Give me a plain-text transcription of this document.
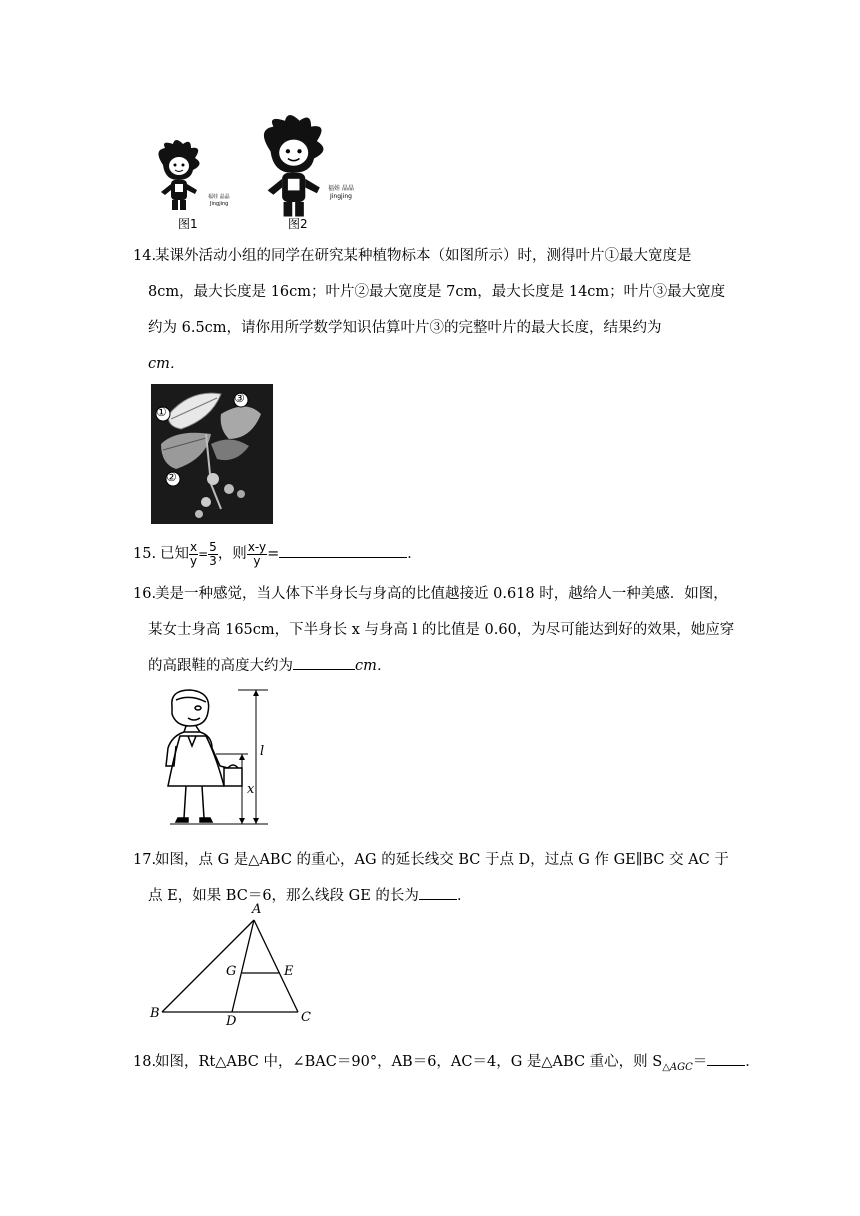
福娃 晶晶
Jingjing
福娃 晶晶
Jingjing
图1	图2
14.
某课外活动小组的同学在研究某种植物标本（如图所示）时，测得叶片①最大宽度是
8cm，最大长度是 16cm；叶片②最大宽度是 7cm，最大长度是 14cm；叶片③最大宽度
约为 6.5cm，请你用所学数学知识估算叶片③的完整叶片的最大长度，结果约为
cm．
①
②
③
15. 已知 $\frac{x}{y} = \frac{5}{3}$ ，则 $\frac{x-y}{y}$ =	．
16.
美是一种感觉，当人体下半身长与身高的比值越接近 0.618 时，越给人一种美感．如图，
某女士身高 165cm，下半身长 x 与身高 l 的比值是 0.60，为尽可能达到好的效果，她应穿
的高跟鞋的高度大约为	cm．
l
x
17.
如图，点 G 是△ABC 的重心，AG 的延长线交 BC 于点 D，过点 G 作 GE∥BC 交 AC 于
点 E，如果 BC＝6，那么线段 GE 的长为	．
A
B	C
D
E
G
18.
如图，Rt△ABC 中，∠BAC＝90°，AB＝6，AC＝4，G 是△ABC 重心，则 $S_{\triangle AGC}=$	．
